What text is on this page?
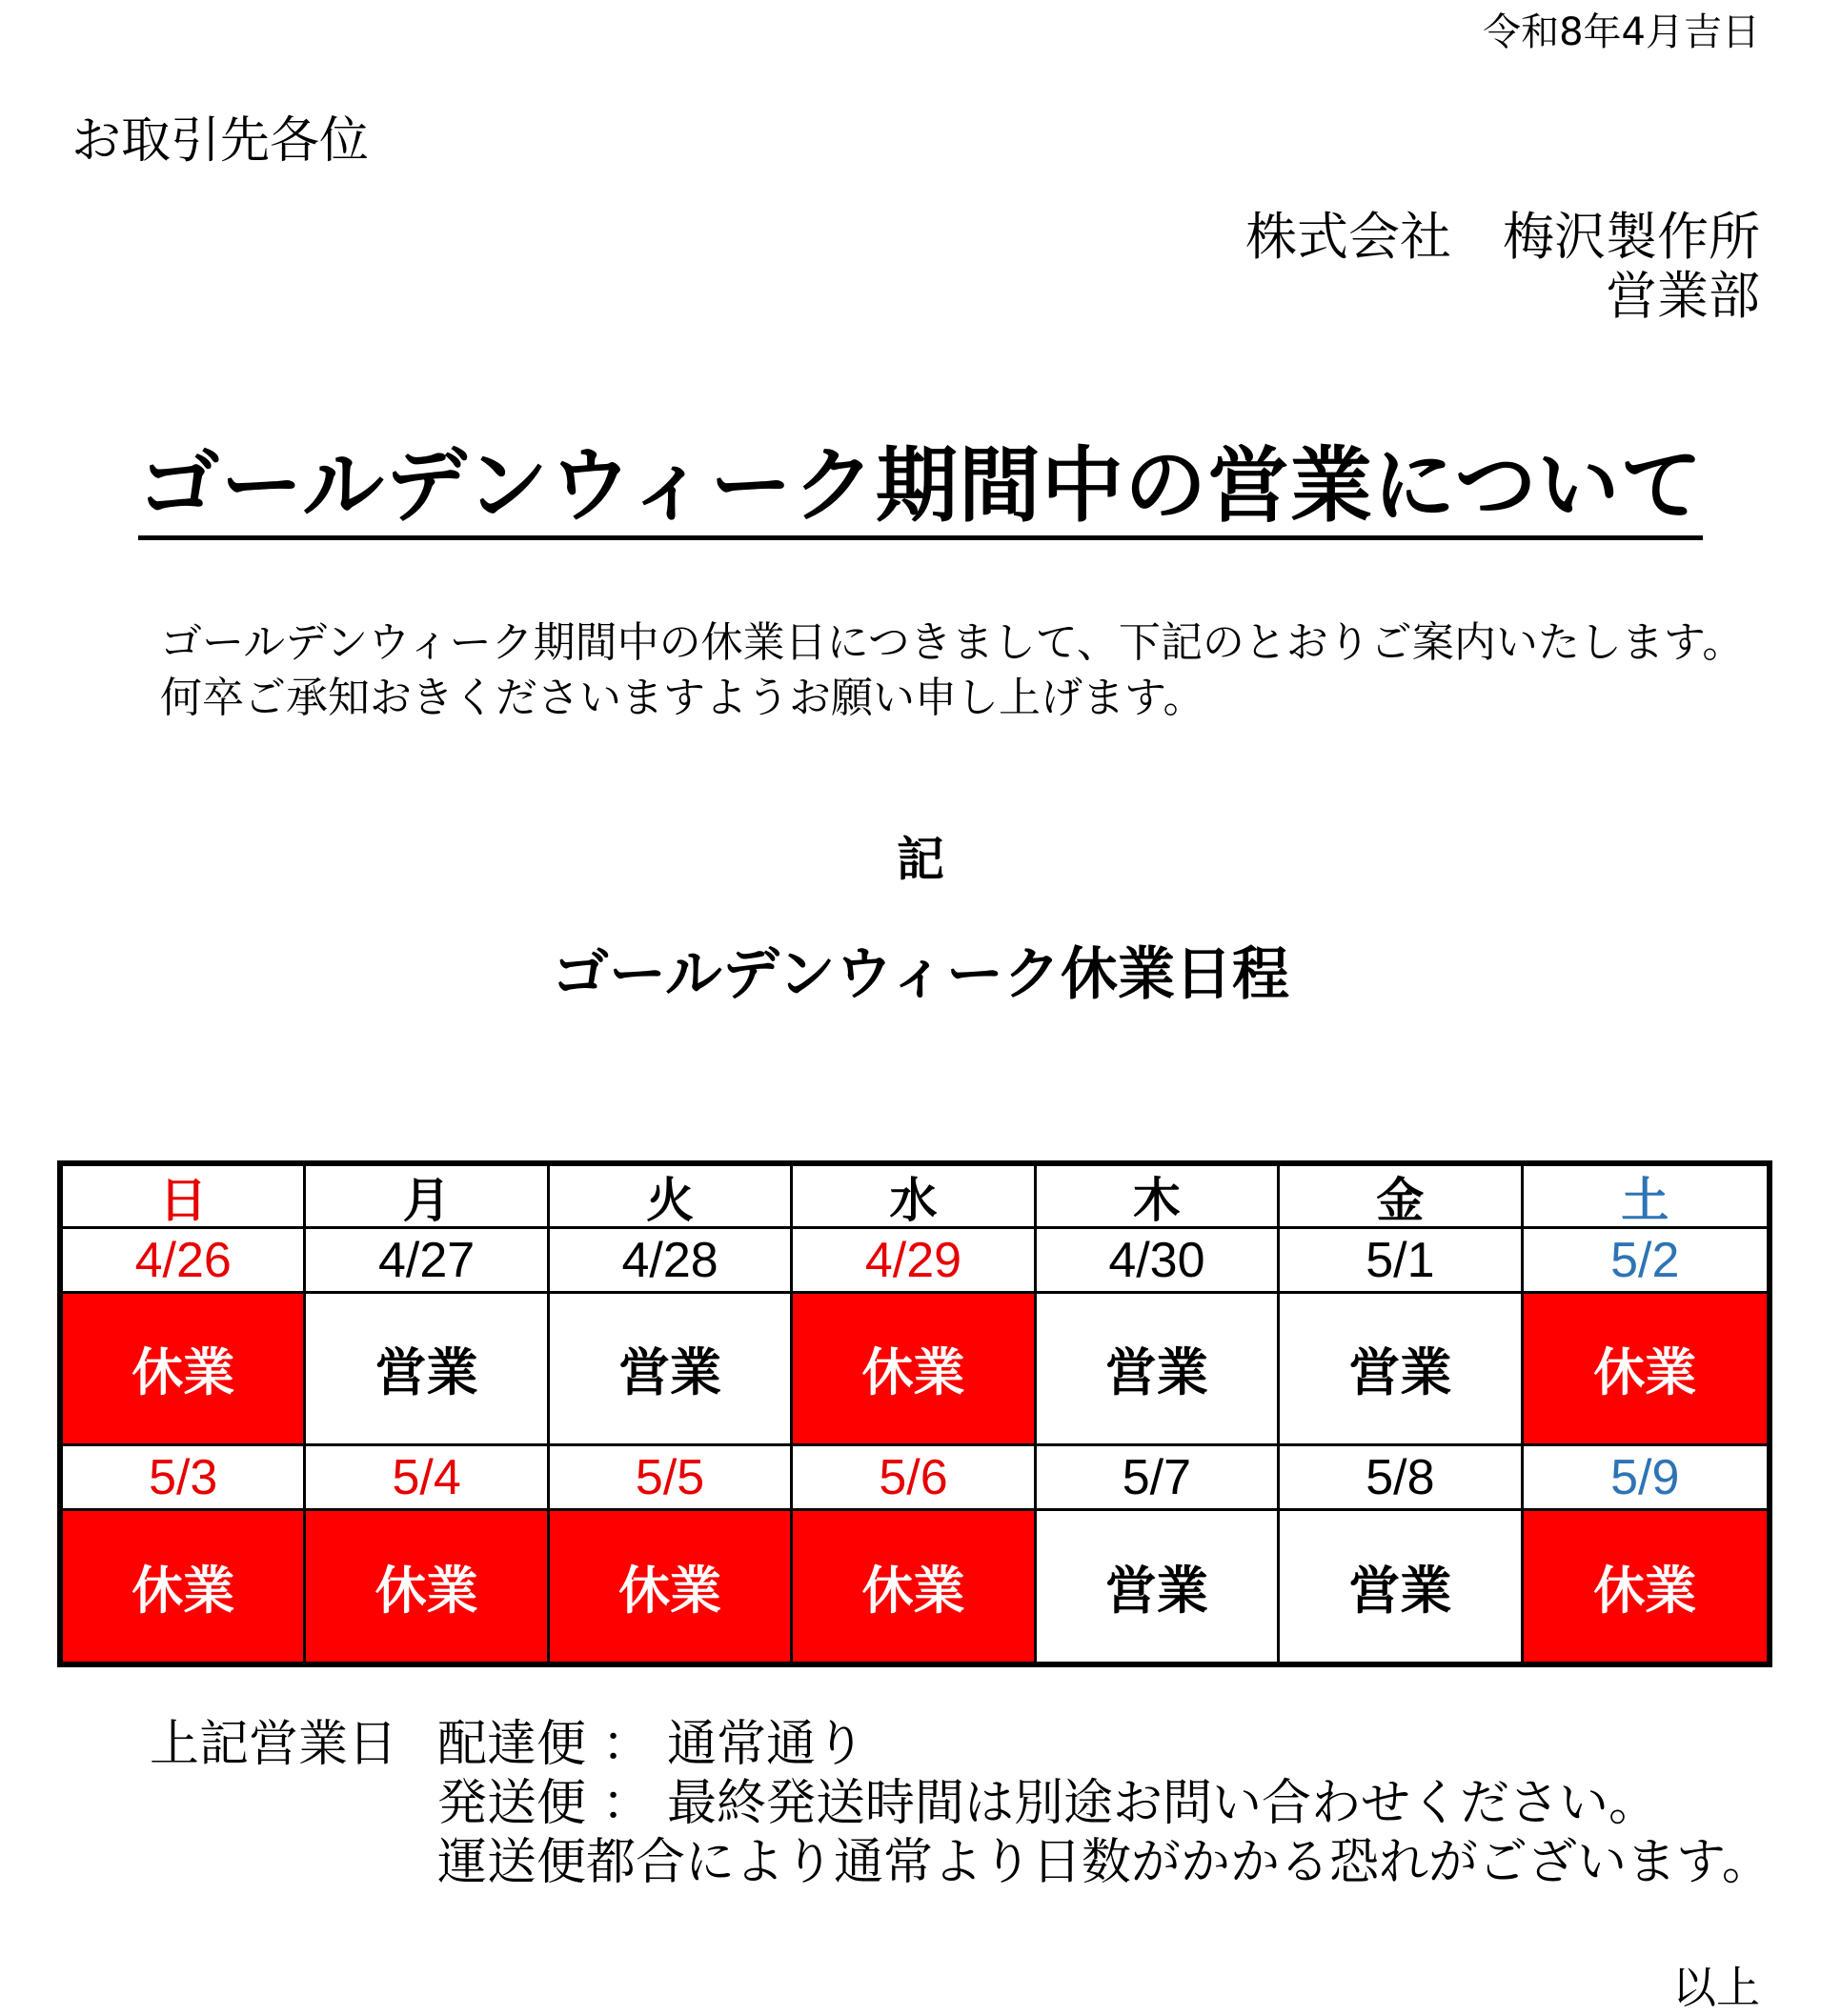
令和8年4月吉日
お取引先各位
株式会社　梅沢製作所
営業部
ゴールデンウィーク期間中の営業について
ゴールデンウィーク期間中の休業日につきまして、下記のとおりご案内いたします。
何卒ご承知おきくださいますようお願い申し上げます。
記
ゴールデンウィーク休業日程
日	月	火	水	木	金	土
4/26	4/27	4/28	4/29	4/30	5/1	5/2
休業	営業	営業	休業	営業	営業	休業
5/3	5/4	5/5	5/6	5/7	5/8	5/9
休業	休業	休業	休業	営業	営業	休業
上記営業日 配達便 ： 通常通り
発送便 ： 最終発送時間は別途お問い合わせください。
運送便都合により通常より日数がかかる恐れがございます。
以上
